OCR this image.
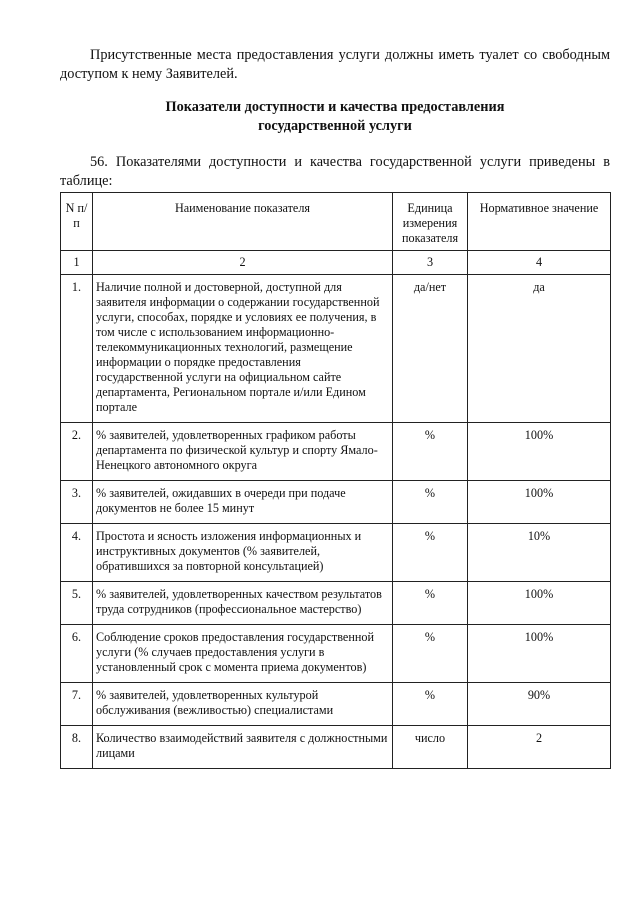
Присутственные места предоставления услуги должны иметь туалет со свободным доступом к нему Заявителей.

Показатели доступности и качества предоставления
государственной услуги

56. Показателями доступности и качества государственной услуги приведены в таблице:

N п/п	Наименование показателя	Единица измерения показателя	Нормативное значение
1	2	3	4
1.	Наличие полной и достоверной, доступной для заявителя информации о содержании государственной услуги, способах, порядке и условиях ее получения, в том числе с использованием информационно-телекоммуникационных технологий, размещение информации о порядке предоставления государственной услуги на официальном сайте департамента, Региональном портале и/или Едином портале	да/нет	да
2.	% заявителей, удовлетворенных графиком работы департамента по физической культур и спорту Ямало-Ненецкого автономного округа	%	100%
3.	% заявителей, ожидавших в очереди при подаче документов не более 15 минут	%	100%
4.	Простота и ясность изложения информационных и инструктивных документов (% заявителей, обратившихся за повторной консультацией)	%	10%
5.	% заявителей, удовлетворенных качеством результатов труда сотрудников (профессиональное мастерство)	%	100%
6.	Соблюдение сроков предоставления государственной услуги (% случаев предоставления услуги в установленный срок с момента приема документов)	%	100%
7.	% заявителей, удовлетворенных культурой обслуживания (вежливостью) специалистами	%	90%
8.	Количество взаимодействий заявителя с должностными лицами	число	2
